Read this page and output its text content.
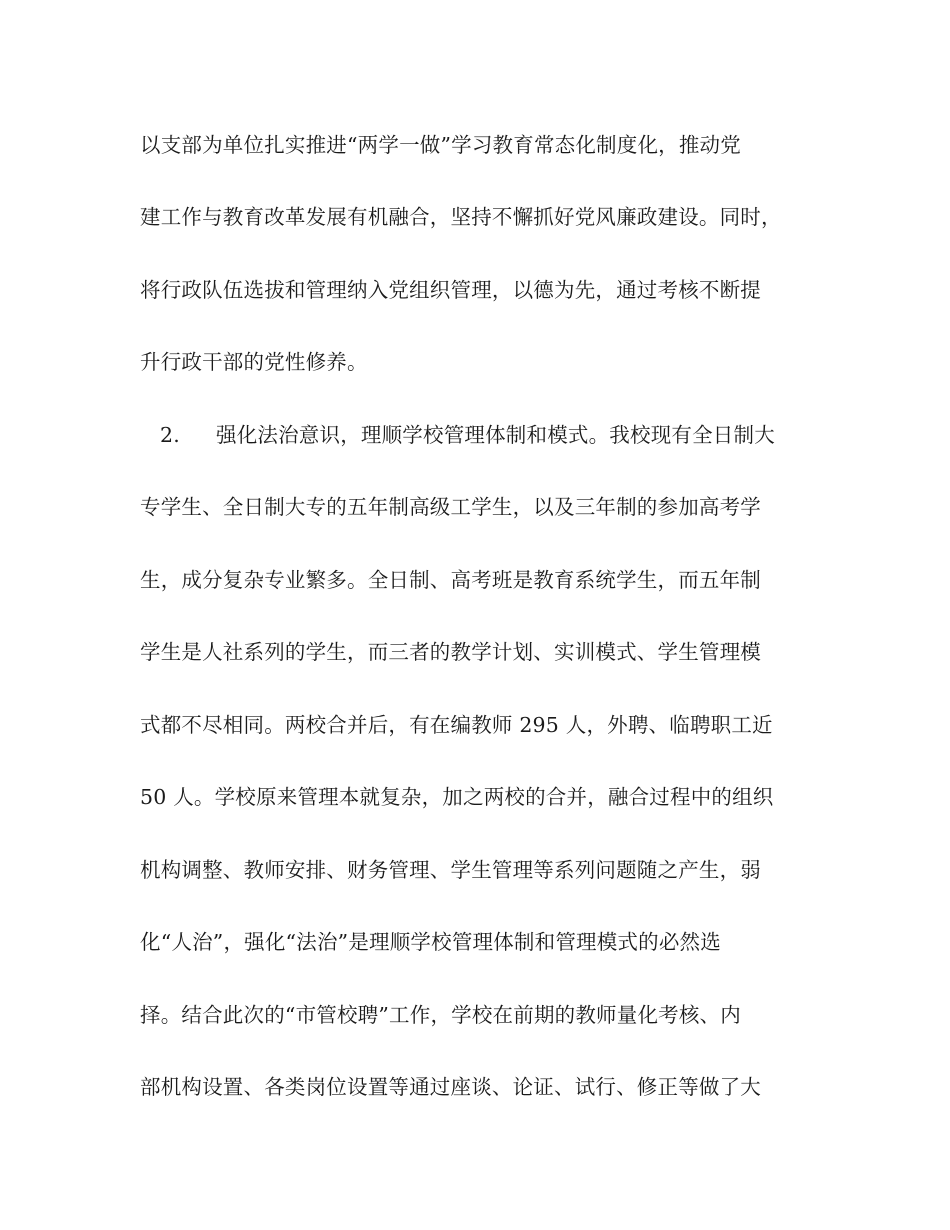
以支部为单位扎实推进“两学一做”学习教育常态化制度化，推动党
建工作与教育改革发展有机融合，坚持不懈抓好党风廉政建设。同时，
将行政队伍选拔和管理纳入党组织管理，以德为先，通过考核不断提
升行政干部的党性修养。
2. 强化法治意识，理顺学校管理体制和模式。我校现有全日制大
专学生、全日制大专的五年制高级工学生，以及三年制的参加高考学
生，成分复杂专业繁多。全日制、高考班是教育系统学生，而五年制
学生是人社系列的学生，而三者的教学计划、实训模式、学生管理模
式都不尽相同。两校合并后，有在编教师 295 人，外聘、临聘职工近
50 人。学校原来管理本就复杂，加之两校的合并，融合过程中的组织
机构调整、教师安排、财务管理、学生管理等系列问题随之产生，弱
化“人治”，强化“法治”是理顺学校管理体制和管理模式的必然选
择。结合此次的“市管校聘”工作，学校在前期的教师量化考核、内
部机构设置、各类岗位设置等通过座谈、论证、试行、修正等做了大
